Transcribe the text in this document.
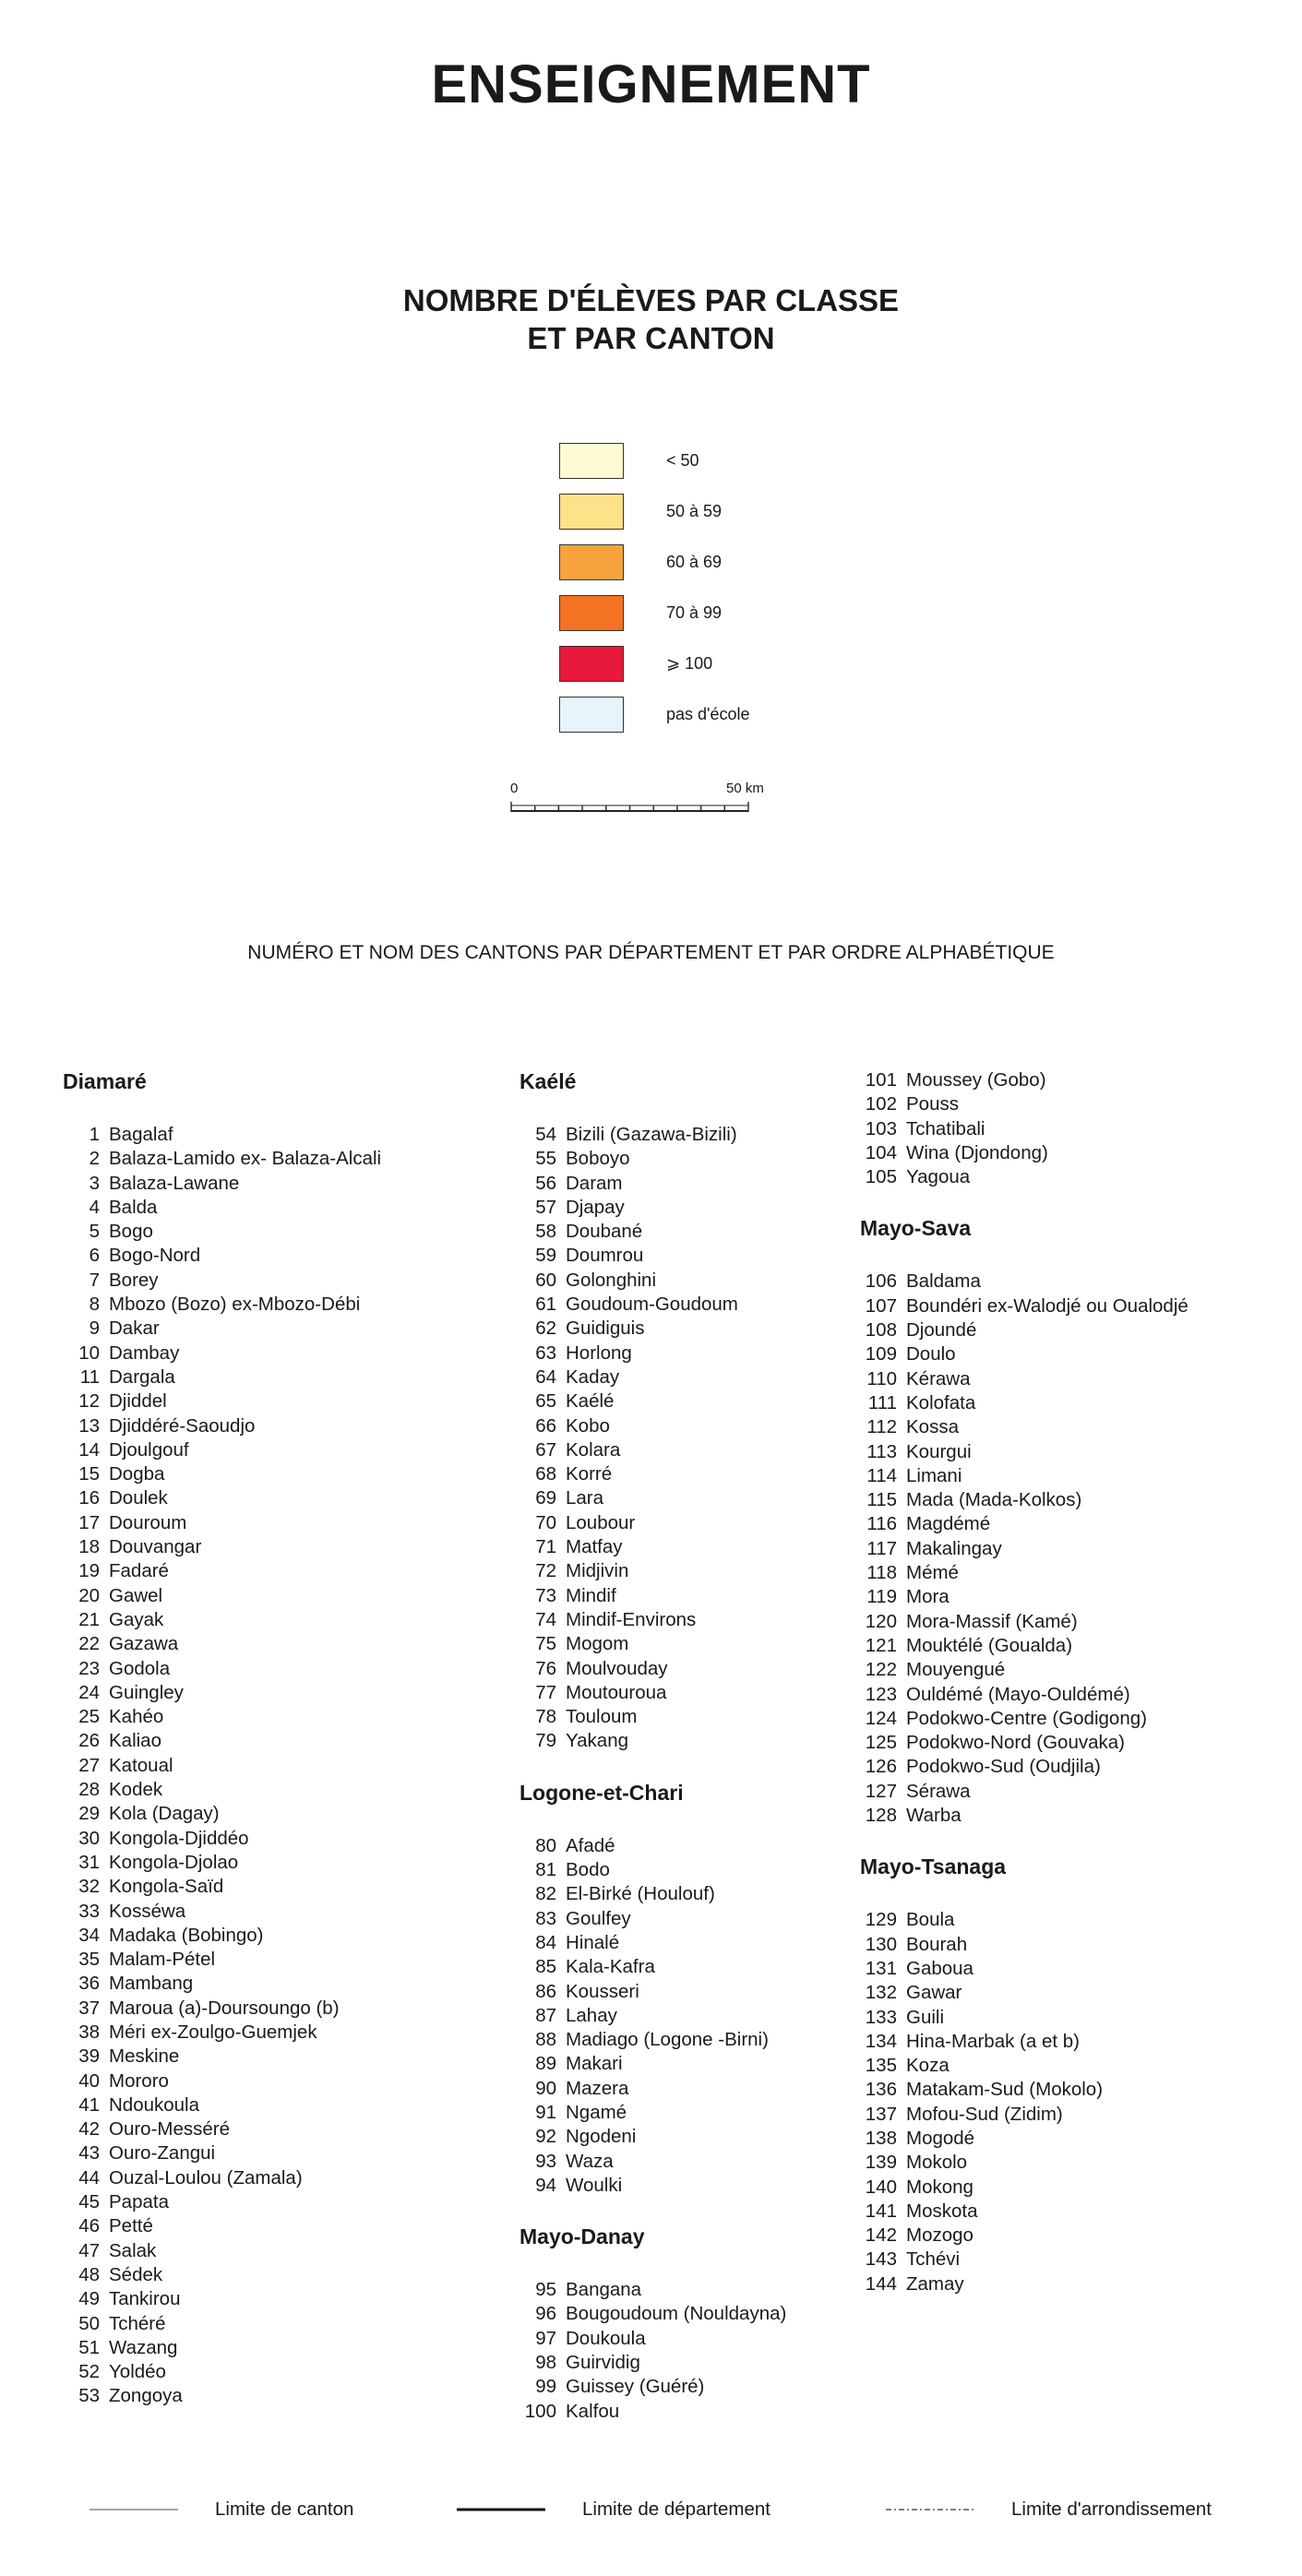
ENSEIGNEMENT
NOMBRE D'ÉLÈVES PAR CLASSE
ET PAR CANTON
< 50
50 à 59
60 à 69
70 à 99
⩾ 100
pas d'école
0	50 km
NUMÉRO ET NOM DES CANTONS PAR DÉPARTEMENT ET PAR ORDRE ALPHABÉTIQUE
Diamaré
1 Bagalaf
2 Balaza-Lamido ex- Balaza-Alcali
3 Balaza-Lawane
4 Balda
5 Bogo
6 Bogo-Nord
7 Borey
8 Mbozo (Bozo) ex-Mbozo-Débi
9 Dakar
10 Dambay
11 Dargala
12 Djiddel
13 Djiddéré-Saoudjo
14 Djoulgouf
15 Dogba
16 Doulek
17 Douroum
18 Douvangar
19 Fadaré
20 Gawel
21 Gayak
22 Gazawa
23 Godola
24 Guingley
25 Kahéo
26 Kaliao
27 Katoual
28 Kodek
29 Kola (Dagay)
30 Kongola-Djiddéo
31 Kongola-Djolao
32 Kongola-Saïd
33 Kosséwa
34 Madaka (Bobingo)
35 Malam-Pétel
36 Mambang
37 Maroua (a)-Doursoungo (b)
38 Méri ex-Zoulgo-Guemjek
39 Meskine
40 Mororo
41 Ndoukoula
42 Ouro-Messéré
43 Ouro-Zangui
44 Ouzal-Loulou (Zamala)
45 Papata
46 Petté
47 Salak
48 Sédek
49 Tankirou
50 Tchéré
51 Wazang
52 Yoldéo
53 Zongoya
Kaélé
54 Bizili (Gazawa-Bizili)
55 Boboyo
56 Daram
57 Djapay
58 Doubané
59 Doumrou
60 Golonghini
61 Goudoum-Goudoum
62 Guidiguis
63 Horlong
64 Kaday
65 Kaélé
66 Kobo
67 Kolara
68 Korré
69 Lara
70 Loubour
71 Matfay
72 Midjivin
73 Mindif
74 Mindif-Environs
75 Mogom
76 Moulvouday
77 Moutouroua
78 Touloum
79 Yakang
Logone-et-Chari
80 Afadé
81 Bodo
82 El-Birké (Houlouf)
83 Goulfey
84 Hinalé
85 Kala-Kafra
86 Kousseri
87 Lahay
88 Madiago (Logone -Birni)
89 Makari
90 Mazera
91 Ngamé
92 Ngodeni
93 Waza
94 Woulki
Mayo-Danay
95 Bangana
96 Bougoudoum (Nouldayna)
97 Doukoula
98 Guirvidig
99 Guissey (Guéré)
100 Kalfou
101 Moussey (Gobo)
102 Pouss
103 Tchatibali
104 Wina (Djondong)
105 Yagoua
Mayo-Sava
106 Baldama
107 Boundéri ex-Walodjé ou Oualodjé
108 Djoundé
109 Doulo
110 Kérawa
111 Kolofata
112 Kossa
113 Kourgui
114 Limani
115 Mada (Mada-Kolkos)
116 Magdémé
117 Makalingay
118 Mémé
119 Mora
120 Mora-Massif (Kamé)
121 Mouktélé (Goualda)
122 Mouyengué
123 Ouldémé (Mayo-Ouldémé)
124 Podokwo-Centre (Godigong)
125 Podokwo-Nord (Gouvaka)
126 Podokwo-Sud (Oudjila)
127 Sérawa
128 Warba
Mayo-Tsanaga
129 Boula
130 Bourah
131 Gaboua
132 Gawar
133 Guili
134 Hina-Marbak (a et b)
135 Koza
136 Matakam-Sud (Mokolo)
137 Mofou-Sud (Zidim)
138 Mogodé
139 Mokolo
140 Mokong
141 Moskota
142 Mozogo
143 Tchévi
144 Zamay
Limite de canton	Limite de département	Limite d'arrondissement
